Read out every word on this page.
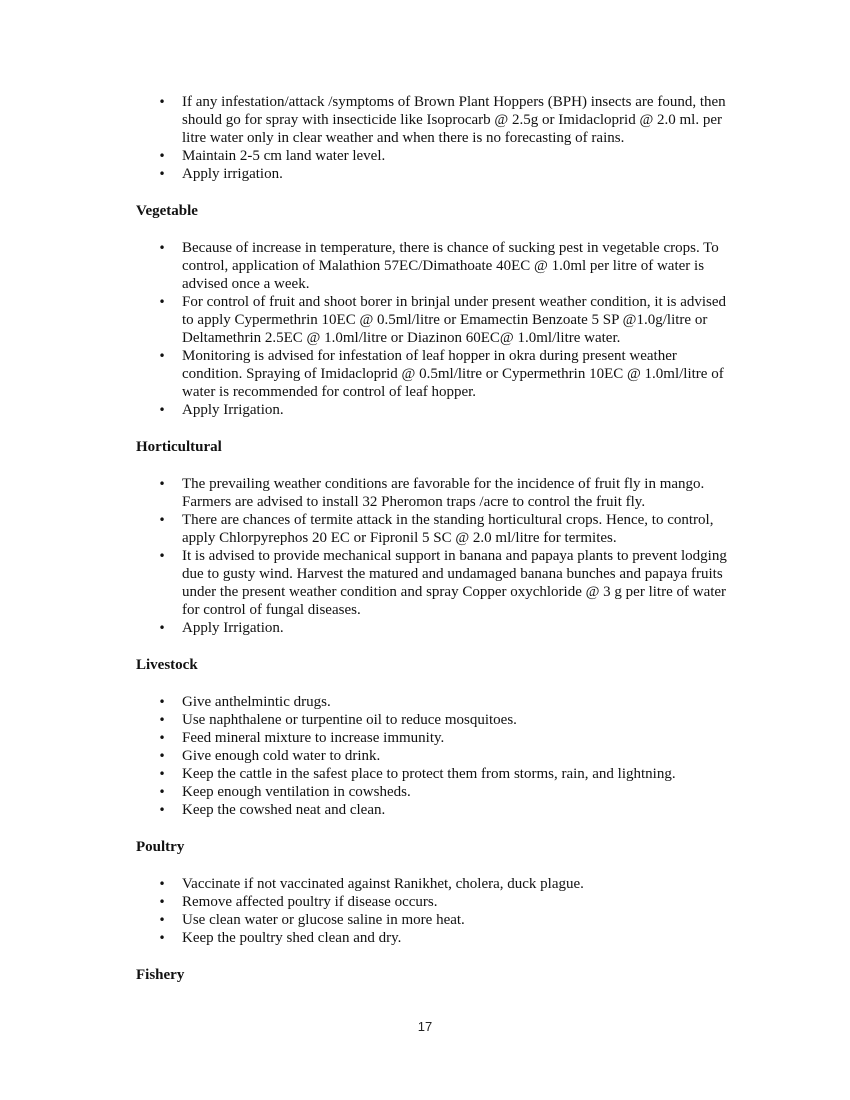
• If any infestation/attack /symptoms of Brown Plant Hoppers (BPH) insects are found, then should go for spray with insecticide like Isoprocarb @ 2.5g or Imidacloprid @ 2.0 ml. per litre water only in clear weather and when there is no forecasting of rains.
• Maintain 2-5 cm land water level.
• Apply irrigation.

Vegetable

• Because of increase in temperature, there is chance of sucking pest in vegetable crops. To control, application of Malathion 57EC/Dimathoate 40EC @ 1.0ml per litre of water is advised once a week.
• For control of fruit and shoot borer in brinjal under present weather condition, it is advised to apply Cypermethrin 10EC @ 0.5ml/litre or Emamectin Benzoate 5 SP @1.0g/litre or Deltamethrin 2.5EC @ 1.0ml/litre or Diazinon 60EC@ 1.0ml/litre water.
• Monitoring is advised for infestation of leaf hopper in okra during present weather condition. Spraying of Imidacloprid @ 0.5ml/litre or Cypermethrin 10EC @ 1.0ml/litre of water is recommended for control of leaf hopper.
• Apply Irrigation.

Horticultural

• The prevailing weather conditions are favorable for the incidence of fruit fly in mango. Farmers are advised to install 32 Pheromon traps /acre to control the fruit fly.
• There are chances of termite attack in the standing horticultural crops. Hence, to control, apply Chlorpyrephos 20 EC or Fipronil 5 SC @ 2.0 ml/litre for termites.
• It is advised to provide mechanical support in banana and papaya plants to prevent lodging due to gusty wind. Harvest the matured and undamaged banana bunches and papaya fruits under the present weather condition and spray Copper oxychloride @ 3 g per litre of water for control of fungal diseases.
• Apply Irrigation.

Livestock

• Give anthelmintic drugs.
• Use naphthalene or turpentine oil to reduce mosquitoes.
• Feed mineral mixture to increase immunity.
• Give enough cold water to drink.
• Keep the cattle in the safest place to protect them from storms, rain, and lightning.
• Keep enough ventilation in cowsheds.
• Keep the cowshed neat and clean.

Poultry

• Vaccinate if not vaccinated against Ranikhet, cholera, duck plague.
• Remove affected poultry if disease occurs.
• Use clean water or glucose saline in more heat.
• Keep the poultry shed clean and dry.

Fishery

17
